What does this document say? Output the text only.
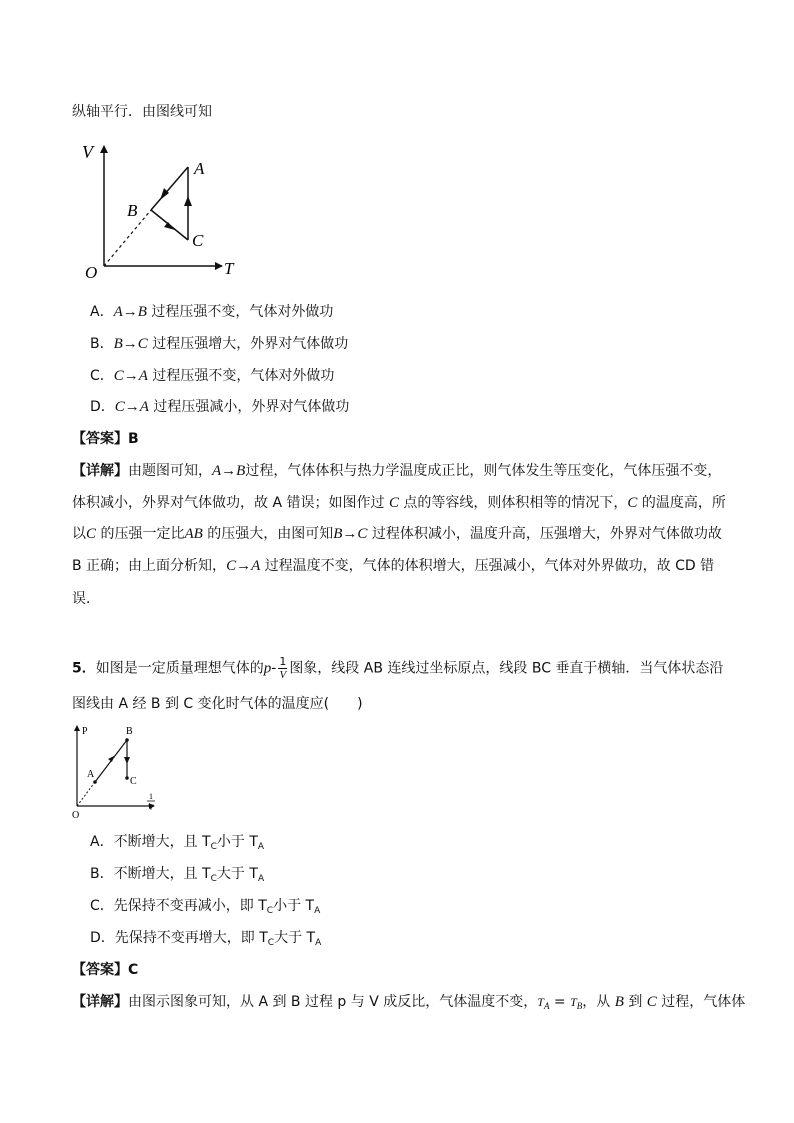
纵轴平行．由图线可知
V
T
O
A
B
C
A．A→B 过程压强不变，气体对外做功
B．B→C 过程压强增大，外界对气体做功
C．C→A 过程压强不变，气体对外做功
D．C→A 过程压强减小，外界对气体做功
【答案】B
【详解】由题图可知，A→B过程，气体体积与热力学温度成正比，则气体发生等压变化，气体压强不变，
体积减小，外界对气体做功，故 A 错误；如图作过 C 点的等容线，则体积相等的情况下，C 的温度高，所
以C 的压强一定比AB 的压强大，由图可知B→C 过程体积减小，温度升高，压强增大，外界对气体做功故
B 正确；由上面分析知，C→A 过程温度不变，气体的体积增大，压强减小，气体对外界做功，故 CD 错
误．
5．如图是一定质量理想气体的$p- \frac{1}{V}$ 图象，线段 AB 连线过坐标原点，线段 BC 垂直于横轴．当气体状态沿
图线由 A 经 B 到 C 变化时气体的温度应(　　)
P
O
A
B
C
1
V
A．不断增大，且 $T_C$小于 $T_A$
B．不断增大，且 $T_C$大于 $T_A$
C．先保持不变再减小，即 $T_C$小于 $T_A$
D．先保持不变再增大，即 $T_C$大于 $T_A$
【答案】C
【详解】由图示图象可知，从 A 到 B 过程 p 与 V 成反比，气体温度不变，$T_A = T_B$，从 B 到 C 过程，气体体
